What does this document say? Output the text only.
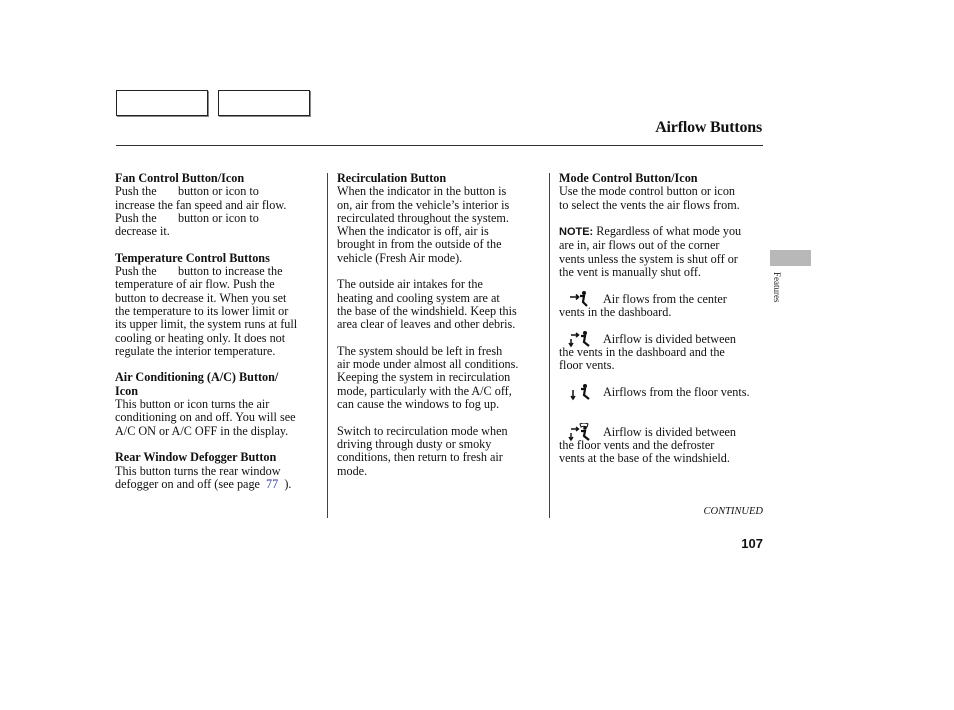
Airflow Buttons

Fan Control Button/Icon

Push the       button or icon to

increase the fan speed and air flow.

Push the       button or icon to

decrease it.

Temperature Control Buttons

Push the       button to increase the

temperature of air flow. Push the

button to decrease it. When you set

the temperature to its lower limit or

its upper limit, the system runs at full

cooling or heating only. It does not

regulate the interior temperature.

Air Conditioning (A/C) Button/

Icon

This button or icon turns the air

conditioning on and off. You will see

A/C ON or A/C OFF in the display.

Rear Window Defogger Button

This button turns the rear window

defogger on and off (see page  77  ).

Recirculation Button

When the indicator in the button is

on, air from the vehicle’s interior is

recirculated throughout the system.

When the indicator is off, air is

brought in from the outside of the

vehicle (Fresh Air mode).

The outside air intakes for the

heating and cooling system are at

the base of the windshield. Keep this

area clear of leaves and other debris.

The system should be left in fresh

air mode under almost all conditions.

Keeping the system in recirculation

mode, particularly with the A/C off,

can cause the windows to fog up.

Switch to recirculation mode when

driving through dusty or smoky

conditions, then return to fresh air

mode.

Mode Control Button/Icon

Use the mode control button or icon

to select the vents the air flows from.

NOTE: Regardless of what mode you

are in, air flows out of the corner

vents unless the system is shut off or

the vent is manually shut off.

Air flows from the center

vents in the dashboard.

Airflow is divided between

the vents in the dashboard and the

floor vents.

Airflows from the floor vents.

Airflow is divided between

the floor vents and the defroster

vents at the base of the windshield.

Features
CONTINUED
107
